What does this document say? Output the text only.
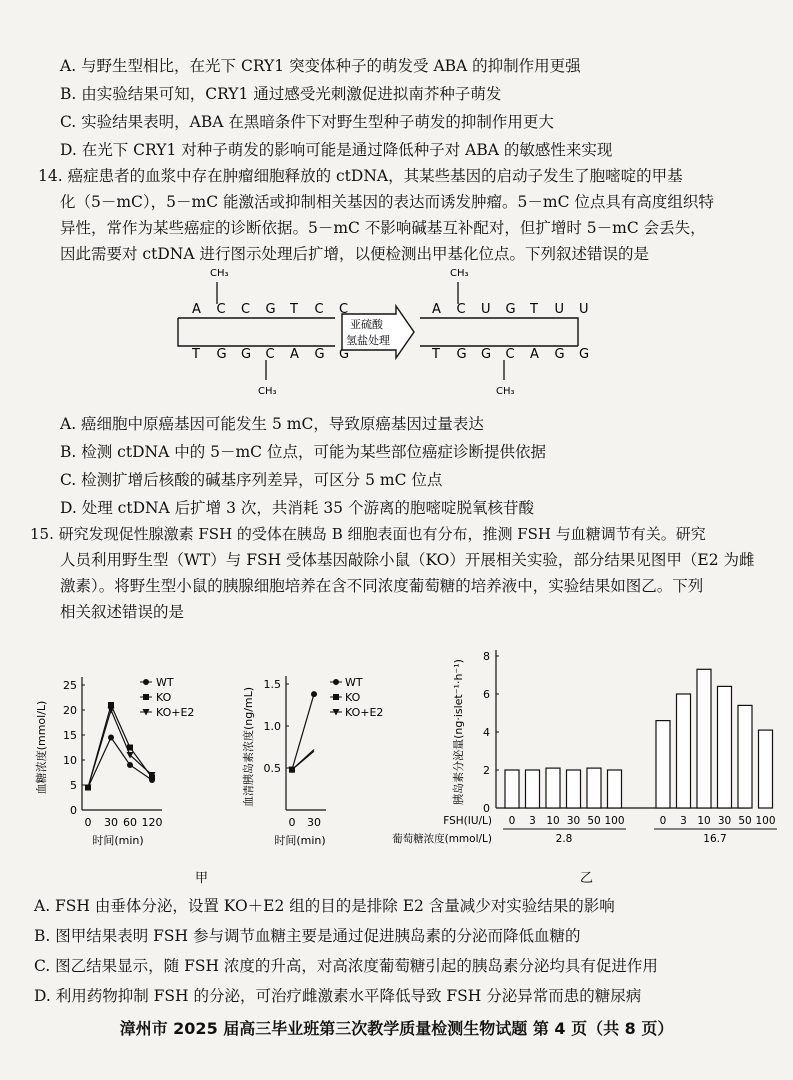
A. 与野生型相比，在光下 CRY1 突变体种子的萌发受 ABA 的抑制作用更强
B. 由实验结果可知，CRY1 通过感受光刺激促进拟南芥种子萌发
C. 实验结果表明，ABA 在黑暗条件下对野生型种子萌发的抑制作用更大
D. 在光下 CRY1 对种子萌发的影响可能是通过降低种子对 ABA 的敏感性来实现
14. 癌症患者的血浆中存在肿瘤细胞释放的 ctDNA，其某些基因的启动子发生了胞嘧啶的甲基
化（5－mC），5－mC 能激活或抑制相关基因的表达而诱发肿瘤。5－mC 位点具有高度组织特
异性，常作为某些癌症的诊断依据。5－mC 不影响碱基互补配对，但扩增时 5－mC 会丢失，
因此需要对 ctDNA 进行图示处理后扩增，以便检测出甲基化位点。下列叙述错误的是
CH₃
A C C G T C C
T G G C A G G
CH₃
亚硫酸
氢盐处理
CH₃
A C U G T U U
T G G C A G G
CH₃
A. 癌细胞中原癌基因可能发生 5 mC，导致原癌基因过量表达
B. 检测 ctDNA 中的 5－mC 位点，可能为某些部位癌症诊断提供依据
C. 检测扩增后核酸的碱基序列差异，可区分 5 mC 位点
D. 处理 ctDNA 后扩增 3 次，共消耗 35 个游离的胞嘧啶脱氧核苷酸
15. 研究发现促性腺激素 FSH 的受体在胰岛 B 细胞表面也有分布，推测 FSH 与血糖调节有关。研究
人员利用野生型（WT）与 FSH 受体基因敲除小鼠（KO）开展相关实验，部分结果见图甲（E2 为雌
激素）。将野生型小鼠的胰腺细胞培养在含不同浓度葡萄糖的培养液中，实验结果如图乙。下列
相关叙述错误的是
0
5
10
15
20
25
0 30 60 120
时间(min)
血糖浓度(mmol/L)
WT
KO
KO+E2
0.5
1.0
1.5
0 30
时间(min)
血清胰岛素浓度(ng/mL)
WT
KO
KO+E2
0
2
4
6
8
0 3 10 30 50 100	0 3 10 30 50 100
FSH(IU/L)
葡萄糖浓度(mmol/L)	2.8	16.7
胰岛素分泌量(ng·islet⁻¹·h⁻¹)
甲	乙
A. FSH 由垂体分泌，设置 KO＋E2 组的目的是排除 E2 含量减少对实验结果的影响
B. 图甲结果表明 FSH 参与调节血糖主要是通过促进胰岛素的分泌而降低血糖的
C. 图乙结果显示，随 FSH 浓度的升高，对高浓度葡萄糖引起的胰岛素分泌均具有促进作用
D. 利用药物抑制 FSH 的分泌，可治疗雌激素水平降低导致 FSH 分泌异常而患的糖尿病
漳州市 2025 届高三毕业班第三次教学质量检测生物试题 第 4 页（共 8 页）
